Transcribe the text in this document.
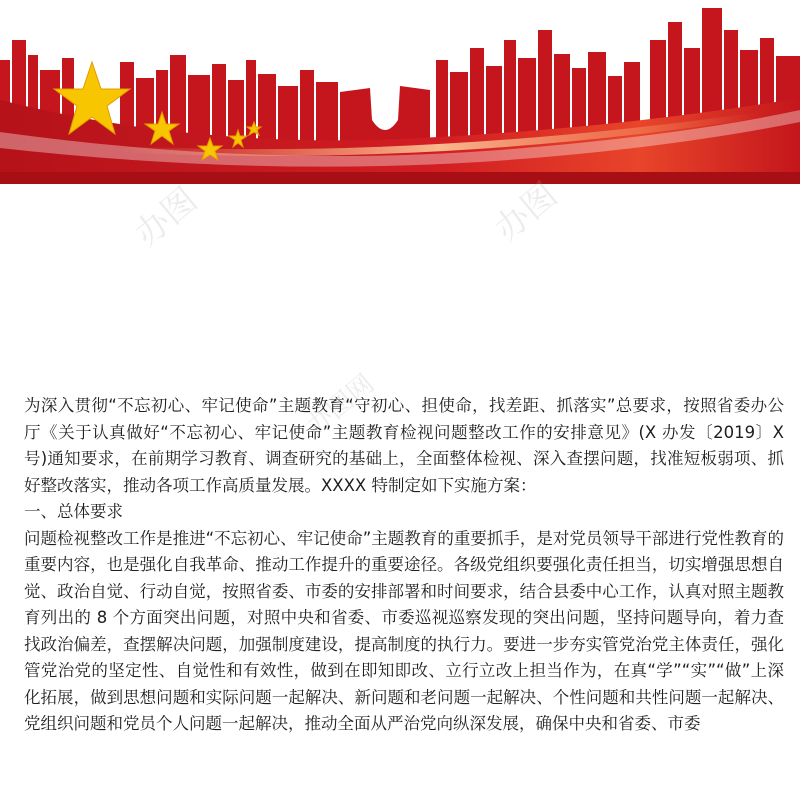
办图	办图
办图网

为深入贯彻“不忘初心、牢记使命”主题教育“守初心、担使命，找差距、抓落实”总要求，按照省委办公厅《关于认真做好“不忘初心、牢记使命”主题教育检视问题整改工作的安排意见》(X 办发〔2019〕X 号)通知要求，在前期学习教育、调查研究的基础上，全面整体检视、深入查摆问题，找准短板弱项、抓好整改落实，推动各项工作高质量发展。XXXX 特制定如下实施方案：

一、总体要求

问题检视整改工作是推进“不忘初心、牢记使命”主题教育的重要抓手，是对党员领导干部进行党性教育的重要内容，也是强化自我革命、推动工作提升的重要途径。各级党组织要强化责任担当，切实增强思想自觉、政治自觉、行动自觉，按照省委、市委的安排部署和时间要求，结合县委中心工作，认真对照主题教育列出的 8 个方面突出问题，对照中央和省委、市委巡视巡察发现的突出问题，坚持问题导向，着力查找政治偏差，查摆解决问题，加强制度建设，提高制度的执行力。要进一步夯实管党治党主体责任，强化管党治党的坚定性、自觉性和有效性，做到在即知即改、立行立改上担当作为，在真“学”“实”“做”上深化拓展，做到思想问题和实际问题一起解决、新问题和老问题一起解决、个性问题和共性问题一起解决、党组织问题和党员个人问题一起解决，推动全面从严治党向纵深发展，确保中央和省委、市委
